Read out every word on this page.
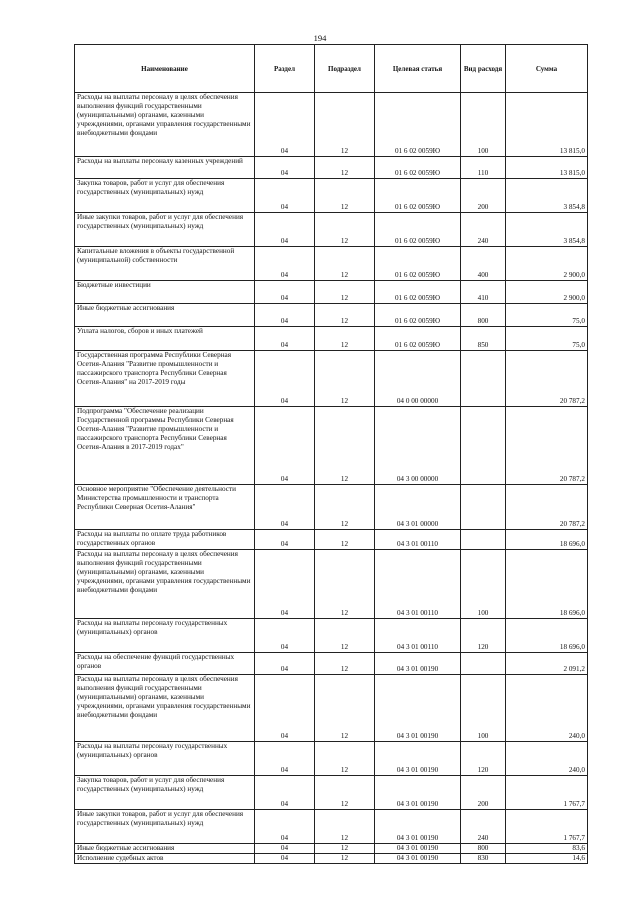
194
Наименование	Раздел	Подраздел	Целевая статья	Вид расходя	Сумма
Расходы на выплаты персоналу в целях обеспечения выполнения функций государственными (муниципальными) органами, казенными учреждениями, органами управления государственными внебюджетными фондами	04	12	01 6 02 0059Ю	100	13 815,0
Расходы на выплаты персоналу казенных учреждений	04	12	01 6 02 0059Ю	110	13 815,0
Закупка товаров, работ и услуг для обеспечения государственных (муниципальных) нужд	04	12	01 6 02 0059Ю	200	3 854,8
Иные закупки товаров, работ и услуг для обеспечения государственных (муниципальных) нужд	04	12	01 6 02 0059Ю	240	3 854,8
Капитальные вложения в объекты государственной (муниципальной) собственности	04	12	01 6 02 0059Ю	400	2 900,0
Бюджетные инвестиции	04	12	01 6 02 0059Ю	410	2 900,0
Иные бюджетные ассигнования	04	12	01 6 02 0059Ю	800	75,0
Уплата налогов, сборов и иных платежей	04	12	01 6 02 0059Ю	850	75,0
Государственная программа Республики Северная Осетия-Алания "Развитие промышленности и пассажирского транспорта Республики Северная Осетия-Алания" на 2017-2019 годы	04	12	04 0 00 00000		20 787,2
Подпрограмма "Обеспечение реализации Государственной программы Республики Северная Осетия-Алания "Развитие промышленности и пассажирского транспорта Республики Северная Осетия-Алания в 2017-2019 годах"	04	12	04 3 00 00000		20 787,2
Основное мероприятие "Обеспечение деятельности Министерства промышленности и транспорта Республики Северная Осетия-Алания"	04	12	04 3 01 00000		20 787,2
Расходы на выплаты по оплате труда работников государственных органов	04	12	04 3 01 00110		18 696,0
Расходы на выплаты персоналу в целях обеспечения выполнения функций государственными (муниципальными) органами, казенными учреждениями, органами управления государственными внебюджетными фондами	04	12	04 3 01 00110	100	18 696,0
Расходы на выплаты персоналу государственных (муниципальных) органов	04	12	04 3 01 00110	120	18 696,0
Расходы на обеспечение функций государственных органов	04	12	04 3 01 00190		2 091,2
Расходы на выплаты персоналу в целях обеспечения выполнения функций государственными (муниципальными) органами, казенными учреждениями, органами управления государственными внебюджетными фондами	04	12	04 3 01 00190	100	240,0
Расходы на выплаты персоналу государственных (муниципальных) органов	04	12	04 3 01 00190	120	240,0
Закупка товаров, работ и услуг для обеспечения государственных (муниципальных) нужд	04	12	04 3 01 00190	200	1 767,7
Иные закупки товаров, работ и услуг для обеспечения государственных (муниципальных) нужд	04	12	04 3 01 00190	240	1 767,7
Иные бюджетные ассигнования	04	12	04 3 01 00190	800	83,6
Исполнение судебных актов	04	12	04 3 01 00190	830	14,6
